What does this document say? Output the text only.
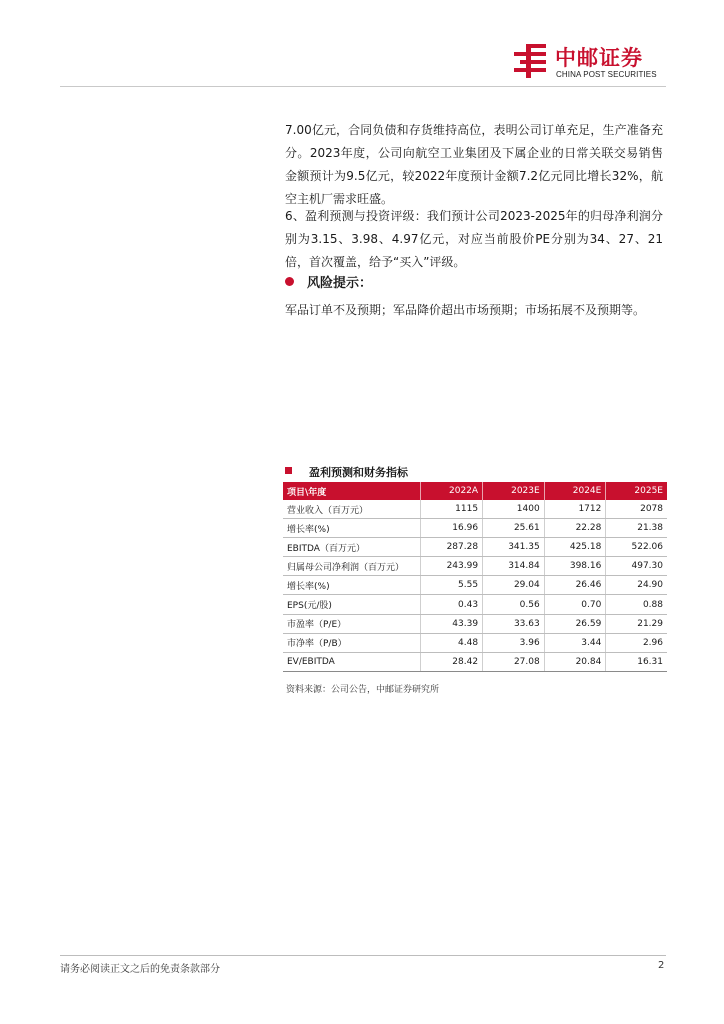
中邮证券
CHINA POST SECURITIES

7.00亿元，合同负债和存货维持高位，表明公司订单充足，生产准备充分。2023年度，公司向航空工业集团及下属企业的日常关联交易销售金额预计为9.5亿元，较2022年度预计金额7.2亿元同比增长32%，航空主机厂需求旺盛。

6、盈利预测与投资评级：我们预计公司2023-2025年的归母净利润分别为3.15、3.98、4.97亿元，对应当前股价PE分别为34、27、21倍，首次覆盖，给予“买入”评级。

风险提示：

军品订单不及预期；军品降价超出市场预期；市场拓展不及预期等。

盈利预测和财务指标
项目\年度	2022A	2023E	2024E	2025E
营业收入（百万元）	1115	1400	1712	2078
增长率(%)	16.96	25.61	22.28	21.38
EBITDA（百万元）	287.28	341.35	425.18	522.06
归属母公司净利润（百万元）	243.99	314.84	398.16	497.30
增长率(%)	5.55	29.04	26.46	24.90
EPS(元/股)	0.43	0.56	0.70	0.88
市盈率（P/E）	43.39	33.63	26.59	21.29
市净率（P/B）	4.48	3.96	3.44	2.96
EV/EBITDA	28.42	27.08	20.84	16.31
资料来源：公司公告，中邮证券研究所
请务必阅读正文之后的免责条款部分	2
